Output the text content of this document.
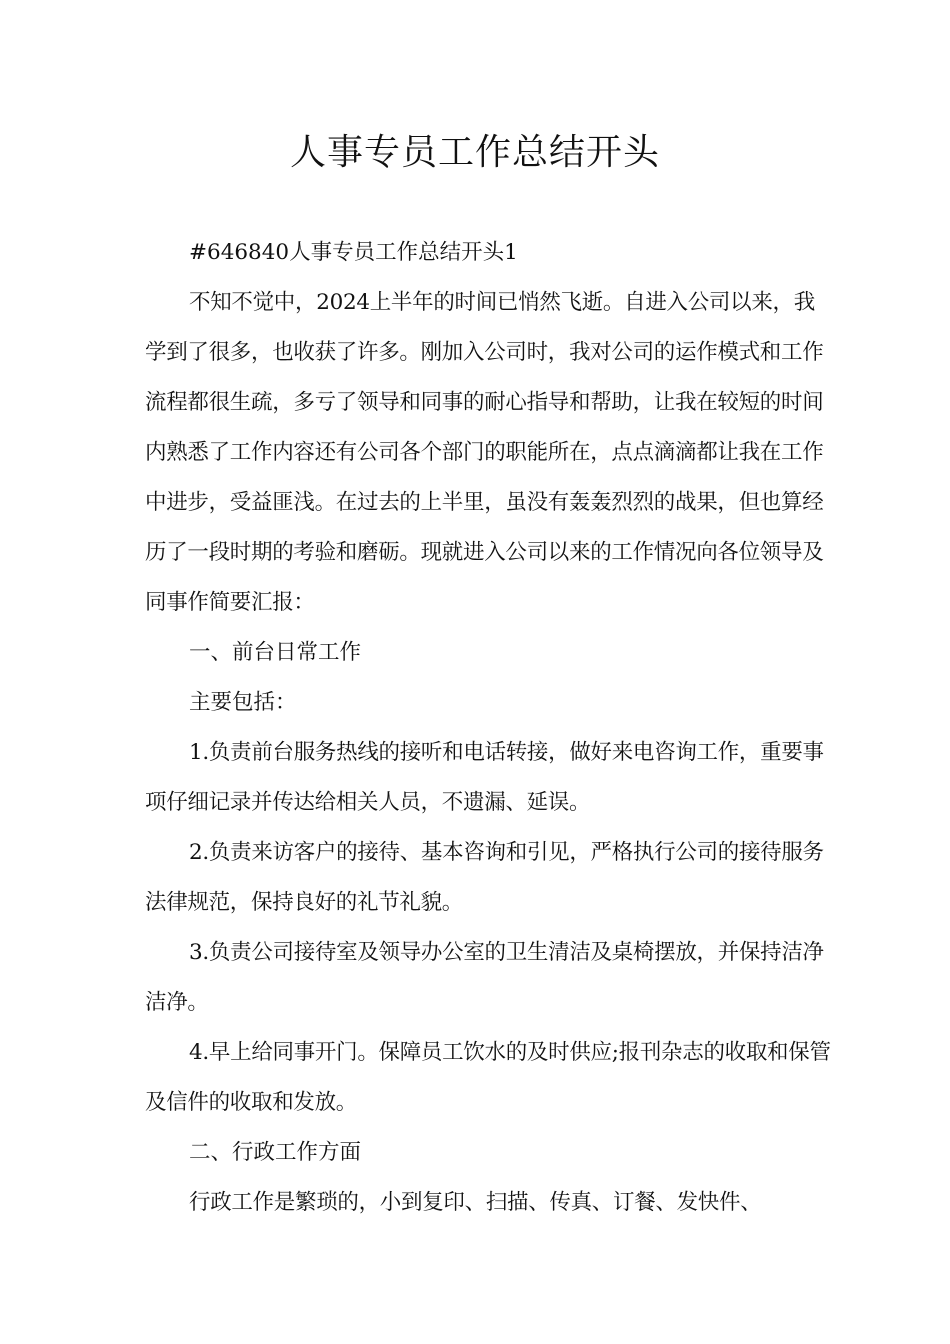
人事专员工作总结开头

#646840人事专员工作总结开头1

不知不觉中，2024上半年的时间已悄然飞逝。自进入公司以来，我学到了很多，也收获了许多。刚加入公司时，我对公司的运作模式和工作流程都很生疏，多亏了领导和同事的耐心指导和帮助，让我在较短的时间内熟悉了工作内容还有公司各个部门的职能所在，点点滴滴都让我在工作中进步，受益匪浅。在过去的上半里，虽没有轰轰烈烈的战果，但也算经历了一段时期的考验和磨砺。现就进入公司以来的工作情况向各位领导及同事作简要汇报：

一、前台日常工作

主要包括：

1.负责前台服务热线的接听和电话转接，做好来电咨询工作，重要事项仔细记录并传达给相关人员，不遗漏、延误。

2.负责来访客户的接待、基本咨询和引见，严格执行公司的接待服务法律规范，保持良好的礼节礼貌。

3.负责公司接待室及领导办公室的卫生清洁及桌椅摆放，并保持洁净洁净。

4.早上给同事开门。保障员工饮水的及时供应;报刊杂志的收取和保管及信件的收取和发放。

二、行政工作方面

行政工作是繁琐的，小到复印、扫描、传真、订餐、发快件、
